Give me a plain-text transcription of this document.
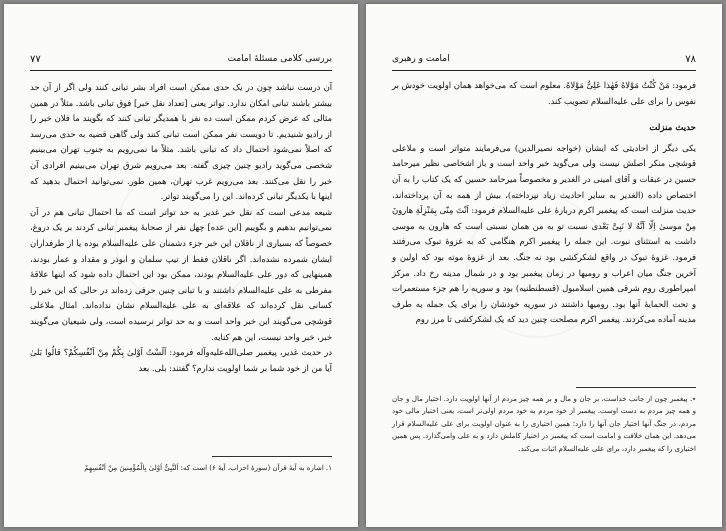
٧٧	بررسی کلامی مسئلهٔ امامت

آن درست نباشد چون در یک حدی ممکن است افراد بشر تبانی کنند ولی اگر از آن حد بیشتر باشند تبانی امکان ندارد. تواتر یعنی [تعداد نقل خبر] فوق تبانی باشد. مثلاً در همین مثالی که عرض کردم ممکن است ده نفر با همدیگر تبانی کنند که بگویند ما فلان خبر را از رادیو شنیدیم. تا دویست نفر ممکن است تبانی کنند ولی گاهی قضیه به حدی می‌رسد که اصلاً نمی‌شود احتمال داد که تبانی باشد. مثلاً ما نمی‌رویم به جنوب تهران می‌بینیم شخصی می‌گوید رادیو چنین چیزی گفته. بعد می‌رویم شرق تهران می‌بینیم افرادی آن خبر را نقل می‌کنند. بعد می‌رویم غرب تهران، همین طور. نمی‌توانید احتمال بدهید که اینها با یکدیگر تبانی کرده‌اند. این را می‌گویند تواتر.

شیعه مدعی است که نقل خبر غدیر به حد تواتر است که ما احتمال تبانی هم در آن نمی‌توانیم بدهیم و بگوییم [این عده] چهل نفر از صحابهٔ پیغمبر تبانی کردند بر یک دروغ، خصوصاً که بسیاری از ناقلان این خبر جزء دشمنان علی علیه‌السلام بوده یا از طرفداران ایشان شمرده نشده‌اند. اگر ناقلان فقط از تیپ سلمان و ابوذر و مقداد و عمار بودند، همینهایی که دور علی علیه‌السلام بودند، ممکن بود این احتمال داده شود که اینها علاقهٔ مفرطی به علی علیه‌السلام داشتند و با تبانی چنین حرفی زده‌اند در حالی که این خبر را کسانی نقل کرده‌اند که علاقه‌ای به علی علیه‌السلام نشان نداده‌اند. امثال ملاعلی قوشچی می‌گویند این خبر واحد است و به حد تواتر نرسیده است، ولی شیعیان می‌گویند خبر، خبر واحد نیست، این هم کنایه.

در حدیث غدیر، پیغمبر صلی‌الله‌علیه‌وآله فرمود: اَلَسْتُ اَوْلیٰ بِکُمْ مِنْ اَنْفُسِکُمْ؟ قالُوا بَلیٰ آیا من از خود شما بر شما اولویت ندارم؟ گفتند: بلی. بعد

١. اشاره به آیهٔ قرآن (سورهٔ احزاب، آیهٔ ۶) است که: اَلنَّبِیُّ اَوْلیٰ بِالْمُؤْمِنینَ مِنْ اَنْفُسِهِمْ
٧٨
امامت و رهبری

فرمود: مَنْ کُنْتُ مَوْلاهُ فَهٰذا عَلِیٌّ مَوْلاهُ. معلوم است که می‌خواهد همان اولویت خودش بر نفوس را برای علی علیه‌السلام تصویب کند.

حدیث منزلت

یکی دیگر از احادیثی که ایشان (خواجه نصیرالدین) می‌فرمایند متواتر است و ملاعلی قوشچی منکر اصلش نیست ولی می‌گوید خبر واحد است و باز اشخاصی نظیر میرحامد حسین در عبقات و آقای امینی در الغدیر و مخصوصاً میرحامد حسین که یک کتاب را به آن اختصاص داده (الغدیر به سایر احادیث زیاد نپرداخته)، بیش از همه به آن پرداخته‌اند، حدیث منزلت است که پیغمبر اکرم دربارهٔ علی علیه‌السلام فرمود: اَنْتَ مِنّی بِمَنْزِلَةِ هارونَ مِنْ موسیٰ اِلّا اَنَّهُ لا نَبِیَّ بَعْدی نسبت تو به من همان نسبتی است که هارون به موسی داشت به استثنای نبوت. این جمله را پیغمبر اکرم هنگامی که به غزوهٔ تبوک می‌رفتند فرمود. غزوهٔ تبوک در واقع لشکرکشی بود نه جنگ. بعد از غزوهٔ موته بود که اولین و آخرین جنگ میان اعراب و رومیها در زمان پیغمبر بود و در شمال مدینه رخ داد. مرکز امپراطوری روم شرقی همین اسلامبول (قسطنطنیه) بود و سوریه را هم جزء مستعمرات و تحت الحمایهٔ آنها بود. رومیها داشتند در سوریه خودشان را برای یک حمله به طرف مدینه آماده می‌کردند. پیغمبر اکرم مصلحت چنین دید که یک لشکرکشی تا مرز روم

٭. پیغمبر چون از جانب خداست، بر جان و مال و بر همه چیز مردم از آنها اولویت دارد. اختیار مال و جان و همه چیز مردم به دست اوست. پیغمبر از خود مردم به خود مردم اولی‌تر است، یعنی اختیار مالی خود مردم، در جنگ آنها اختیار جان آنها را دارد؛ همین اختیاری را به عنوان اولویت برای علی علیه‌السلام قرار می‌دهد. این همان خلافت و امامت است که پیغمبر در اختیار کاملش دارد و به علی وامی‌گذارد. پس همین اختیاری را که پیغمبر دارد، برای علی علیه‌السلام اثبات می‌کند.
